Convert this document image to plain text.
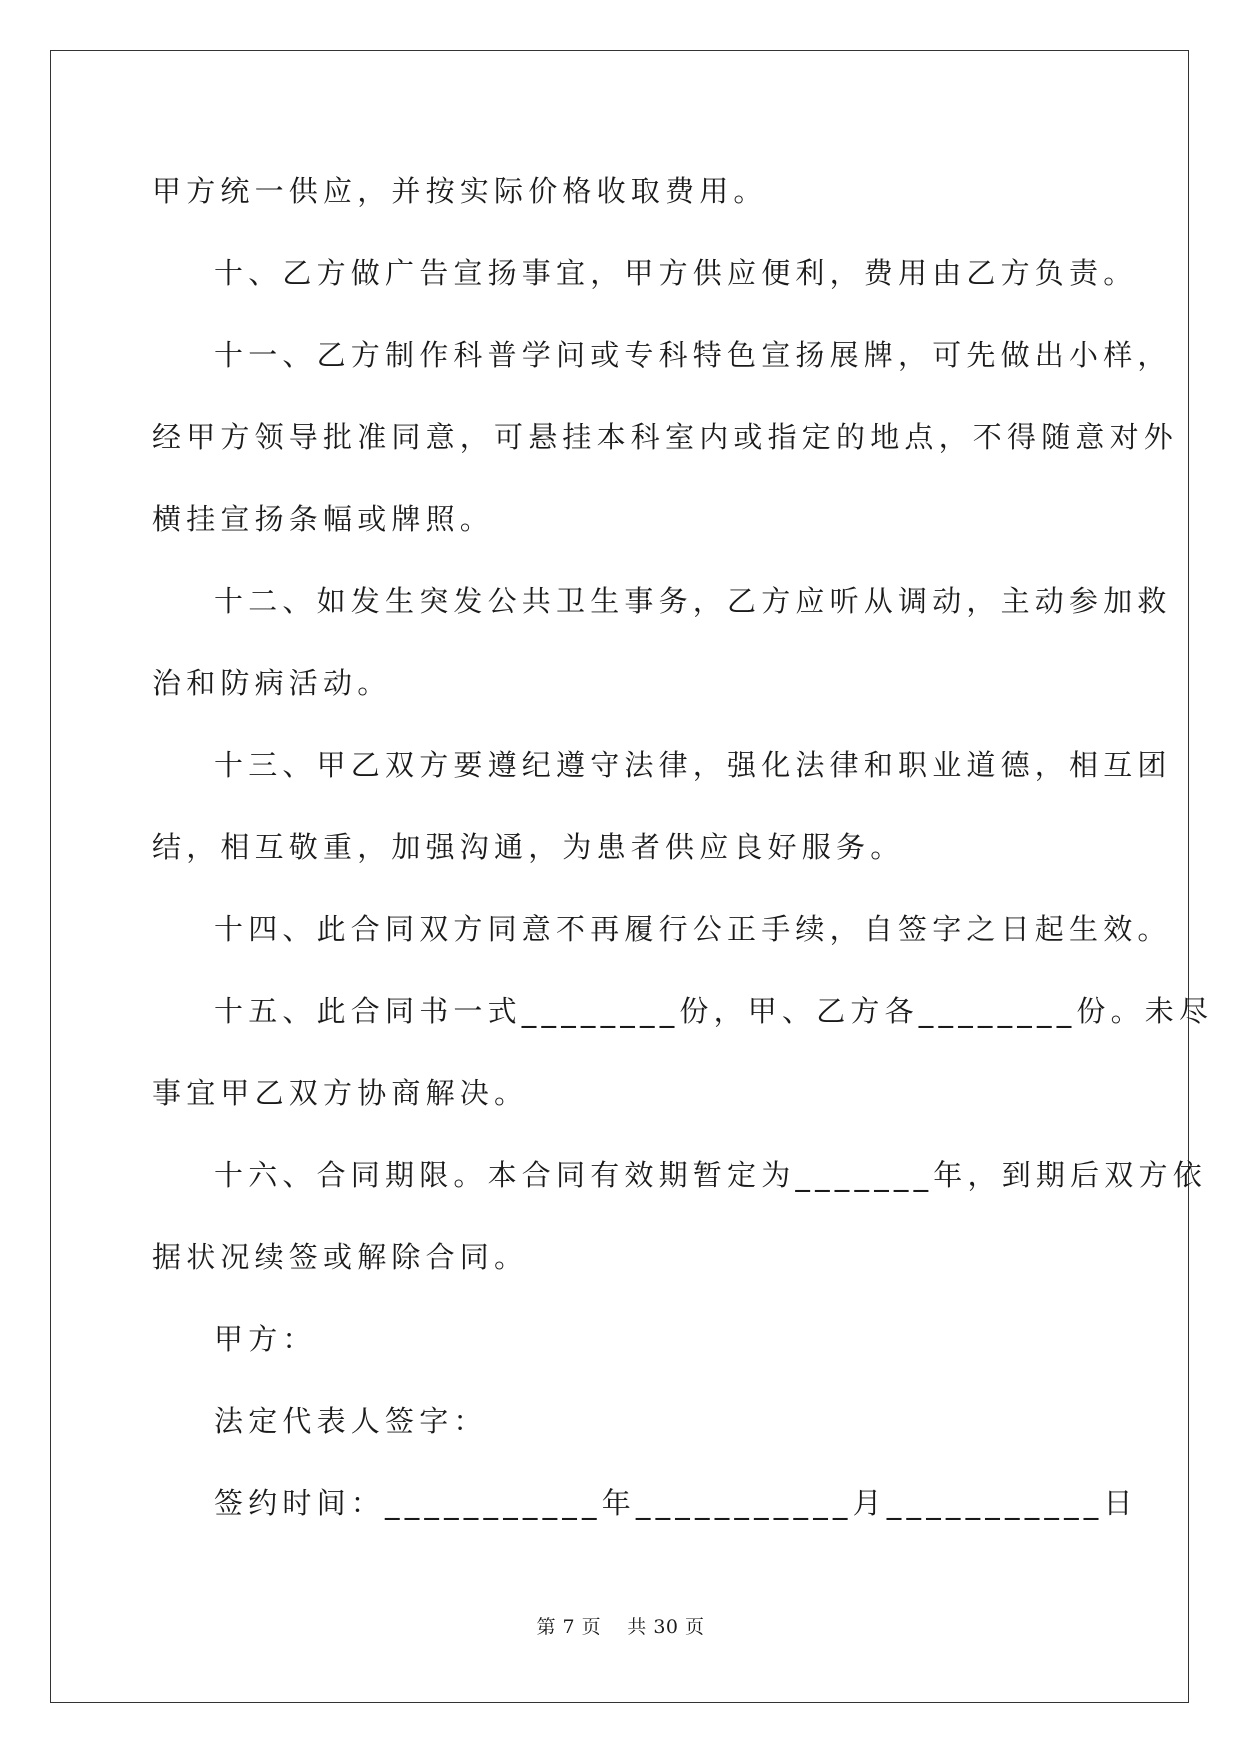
甲方统一供应，并按实际价格收取费用。
十、乙方做广告宣扬事宜，甲方供应便利，费用由乙方负责。
十一、乙方制作科普学问或专科特色宣扬展牌，可先做出小样，
经甲方领导批准同意，可悬挂本科室内或指定的地点，不得随意对外
横挂宣扬条幅或牌照。
十二、如发生突发公共卫生事务，乙方应听从调动，主动参加救
治和防病活动。
十三、甲乙双方要遵纪遵守法律，强化法律和职业道德，相互团
结，相互敬重，加强沟通，为患者供应良好服务。
十四、此合同双方同意不再履行公正手续，自签字之日起生效。
十五、此合同书一式________份，甲、乙方各________份。未尽
事宜甲乙双方协商解决。
十六、合同期限。本合同有效期暂定为_______年，到期后双方依
据状况续签或解除合同。
甲方：
法定代表人签字：
签约时间：___________年___________月___________日
第 7 页 共 30 页
